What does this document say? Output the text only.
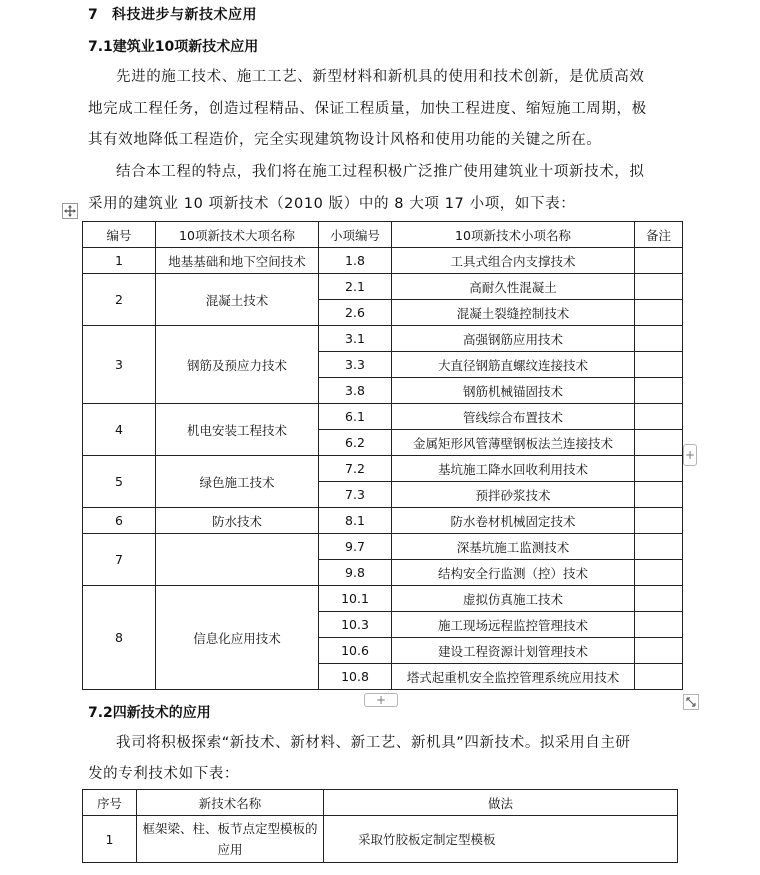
7 科技进步与新技术应用
7.1建筑业10项新技术应用
先进的施工技术、施工工艺、新型材料和新机具的使用和技术创新，是优质高效
地完成工程任务，创造过程精品、保证工程质量，加快工程进度、缩短施工周期，极
其有效地降低工程造价，完全实现建筑物设计风格和使用功能的关键之所在。
结合本工程的特点，我们将在施工过程积极广泛推广使用建筑业十项新技术，拟
采用的建筑业 10 项新技术（2010 版）中的 8 大项 17 小项，如下表：
编号	10项新技术大项名称	小项编号	10项新技术小项名称	备注
1	地基基础和地下空间技术	1.8	工具式组合内支撑技术	
2	混凝土技术	2.1	高耐久性混凝土	
		2.6	混凝土裂缝控制技术	
3	钢筋及预应力技术	3.1	高强钢筋应用技术	
		3.3	大直径钢筋直螺纹连接技术	
		3.8	钢筋机械锚固技术	
4	机电安装工程技术	6.1	管线综合布置技术	
		6.2	金属矩形风管薄壁钢板法兰连接技术	
5	绿色施工技术	7.2	基坑施工降水回收利用技术	
		7.3	预拌砂浆技术	
6	防水技术	8.1	防水卷材机械固定技术	
7		9.7	深基坑施工监测技术	
		9.8	结构安全行监测（控）技术	
8	信息化应用技术	10.1	虚拟仿真施工技术	
		10.3	施工现场远程监控管理技术	
		10.6	建设工程资源计划管理技术	
		10.8	塔式起重机安全监控管理系统应用技术	
+
+
7.2四新技术的应用
我司将积极探索“新技术、新材料、新工艺、新机具”四新技术。拟采用自主研
发的专利技术如下表：
序号	新技术名称	做法
1	框架梁、柱、板节点定型模板的应用	采取竹胶板定制定型模板
